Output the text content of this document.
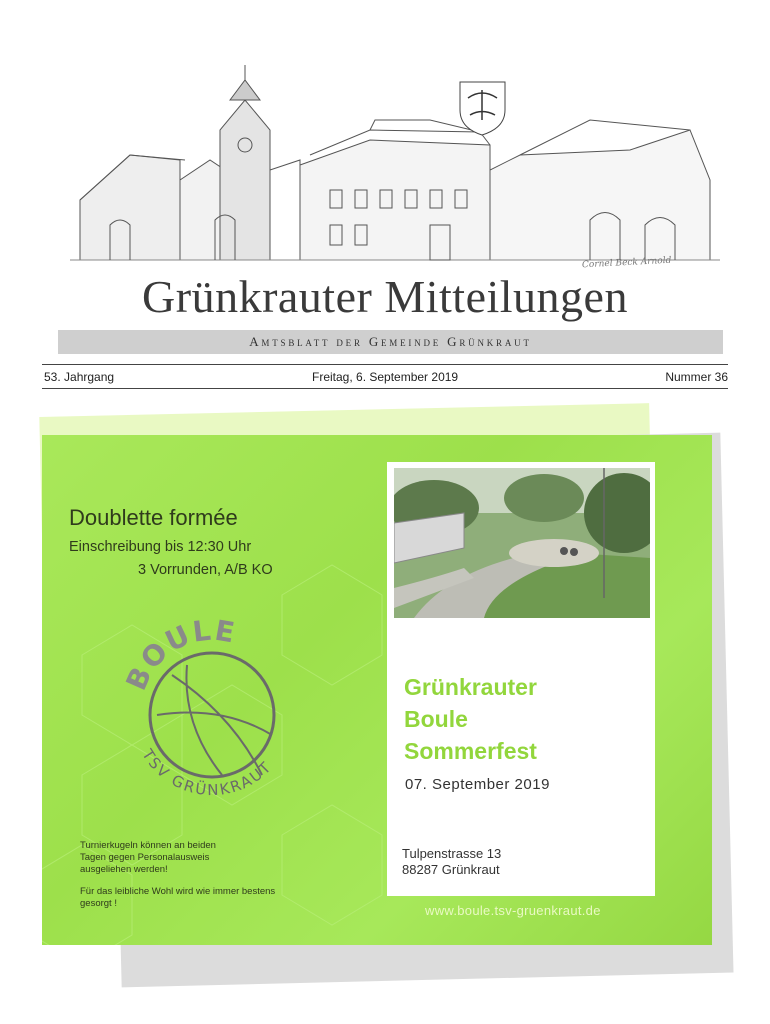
Cornel Beck Arnold
Grünkrauter Mitteilungen
Amtsblatt der Gemeinde Grünkraut
53. Jahrgang	Freitag, 6. September 2019	Nummer 36
Doublette formée
Einschreibung bis 12:30 Uhr
3 Vorrunden, A/B KO
BOULE
TSV GRÜNKRAUT
Turnierkugeln können an beiden
Tagen gegen Personalausweis
ausgeliehen werden!
Für das leibliche Wohl wird wie immer bestens
gesorgt !
Grünkrauter
Boule
Sommerfest
07. September 2019
Tulpenstrasse 13
88287 Grünkraut
www.boule.tsv-gruenkraut.de
